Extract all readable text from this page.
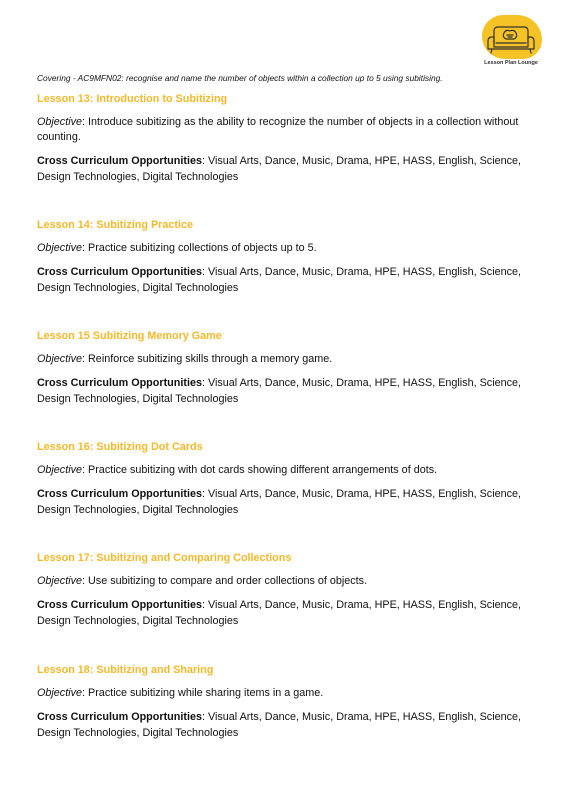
Lesson Plan Lounge
Covering - AC9MFN02: recognise and name the number of objects within a collection up to 5 using subitising.

Lesson 13: Introduction to Subitizing

Objective: Introduce subitizing as the ability to recognize the number of objects in a collection without counting.

Cross Curriculum Opportunities: Visual Arts, Dance, Music, Drama, HPE, HASS, English, Science, Design Technologies, Digital Technologies

Lesson 14: Subitizing Practice

Objective: Practice subitizing collections of objects up to 5.

Cross Curriculum Opportunities: Visual Arts, Dance, Music, Drama, HPE, HASS, English, Science, Design Technologies, Digital Technologies

Lesson 15 Subitizing Memory Game

Objective: Reinforce subitizing skills through a memory game.

Cross Curriculum Opportunities: Visual Arts, Dance, Music, Drama, HPE, HASS, English, Science, Design Technologies, Digital Technologies

Lesson 16: Subitizing Dot Cards

Objective: Practice subitizing with dot cards showing different arrangements of dots.

Cross Curriculum Opportunities: Visual Arts, Dance, Music, Drama, HPE, HASS, English, Science, Design Technologies, Digital Technologies

Lesson 17: Subitizing and Comparing Collections

Objective: Use subitizing to compare and order collections of objects.

Cross Curriculum Opportunities: Visual Arts, Dance, Music, Drama, HPE, HASS, English, Science, Design Technologies, Digital Technologies

Lesson 18: Subitizing and Sharing

Objective: Practice subitizing while sharing items in a game.

Cross Curriculum Opportunities: Visual Arts, Dance, Music, Drama, HPE, HASS, English, Science, Design Technologies, Digital Technologies
